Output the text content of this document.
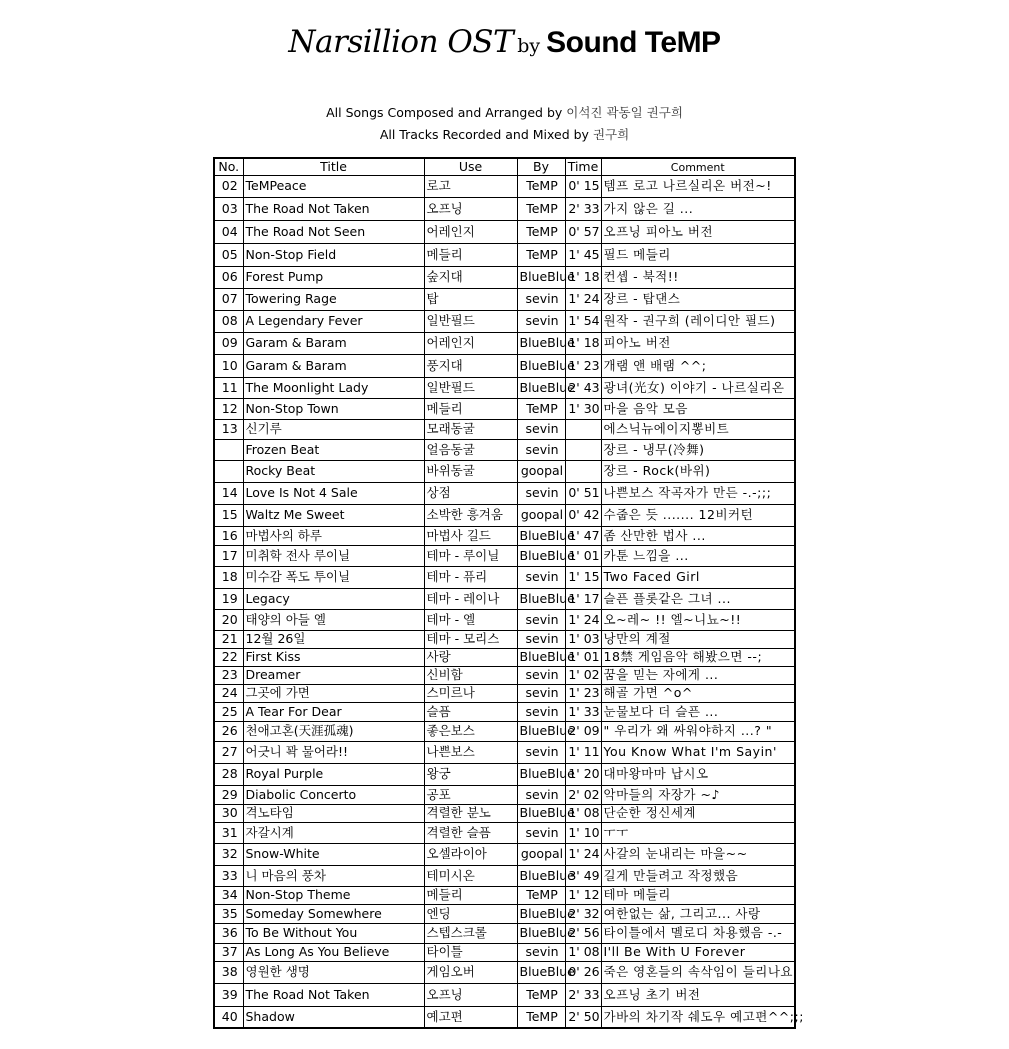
Narsillion OST by Sound TeMP
All Songs Composed and Arranged by 이석진 곽동일 권구희
All Tracks Recorded and Mixed by 권구희
No.	Title	Use	By	Time	Comment
02	TeMPeace	로고	TeMP	0' 15	템프 로고 나르실리온 버전~!
03	The Road Not Taken	오프닝	TeMP	2' 33	가지 않은 길 ...
04	The Road Not Seen	어레인지	TeMP	0' 57	오프닝 피아노 버전
05	Non-Stop Field	메들리	TeMP	1' 45	필드 메들리
06	Forest Pump	숲지대	BlueBlue	1' 18	컨셉 - 북적!!
07	Towering Rage	탑	sevin	1' 24	장르 - 탑댄스
08	A Legendary Fever	일반필드	sevin	1' 54	원작 - 권구희 (레이디안 필드)
09	Garam & Baram	어레인지	BlueBlue	1' 18	피아노 버전
10	Garam & Baram	풍지대	BlueBlue	1' 23	개램 앤 배램 ^^;
11	The Moonlight Lady	일반필드	BlueBlue	2' 43	광녀(光女) 이야기 - 나르실리온
12	Non-Stop Town	메들리	TeMP	1' 30	마을 음악 모음
13	신기루	모래동굴	sevin		에스닉뉴에이지뽕비트
	Frozen Beat	얼음동굴	sevin		장르 - 냉무(冷舞)
	Rocky Beat	바위동굴	goopal		장르 - Rock(바위)
14	Love Is Not 4 Sale	상점	sevin	0' 51	나쁜보스 작곡자가 만든 -.-;;;
15	Waltz Me Sweet	소박한 흥겨움	goopal	0' 42	수줍은 듯 ....... 12비커턴
16	마법사의 하루	마법사 길드	BlueBlue	1' 47	좀 산만한 법사 ...
17	미취학 전사 루이닐	테마 - 루이닐	BlueBlue	1' 01	카툰 느낌을 ...
18	미수감 폭도 투이닐	테마 - 퓨리	sevin	1' 15	Two Faced Girl
19	Legacy	테마 - 레이나	BlueBlue	1' 17	슬픈 플롯같은 그녀 ...
20	태양의 아들 엘	테마 - 엘	sevin	1' 24	오~레~ !! 엘~니뇨~!!
21	12월 26일	테마 - 모리스	sevin	1' 03	낭만의 계절
22	First Kiss	사랑	BlueBlue	1' 01	18禁 게임음악 해봤으면 --;
23	Dreamer	신비함	sevin	1' 02	꿈을 믿는 자에게 ...
24	그곳에 가면	스미르나	sevin	1' 23	해골 가면 ^o^
25	A Tear For Dear	슬픔	sevin	1' 33	눈물보다 더 슬픈 ...
26	천애고혼(天涯孤魂)	좋은보스	BlueBlue	2' 09	" 우리가 왜 싸워야하지 ...? "
27	어긋니 꽉 물어라!!	나쁜보스	sevin	1' 11	You Know What I'm Sayin'
28	Royal Purple	왕궁	BlueBlue	1' 20	대마왕마마 납시오
29	Diabolic Concerto	공포	sevin	2' 02	악마들의 자장가 ~♪
30	격노타임	격렬한 분노	BlueBlue	1' 08	단순한 정신세계
31	자갈시계	격렬한 슬픔	sevin	1' 10	ㅜㅜ
32	Snow-White	오셀라이아	goopal	1' 24	사갈의 눈내리는 마을~~
33	니 마음의 풍차	테미시온	BlueBlue	3' 49	길게 만들려고 작정했음
34	Non-Stop Theme	메들리	TeMP	1' 12	테마 메들리
35	Someday Somewhere	엔딩	BlueBlue	2' 32	여한없는 삶, 그리고... 사랑
36	To Be Without You	스텝스크롤	BlueBlue	2' 56	타이틀에서 멜로디 차용했음 -.-
37	As Long As You Believe	타이틀	sevin	1' 08	I'll Be With U Forever
38	영원한 생명	게임오버	BlueBlue	0' 26	죽은 영혼들의 속삭임이 들리나요
39	The Road Not Taken	오프닝	TeMP	2' 33	오프닝 초기 버전
40	Shadow	예고편	TeMP	2' 50	가바의 차기작 쉐도우 예고편^^;;;
